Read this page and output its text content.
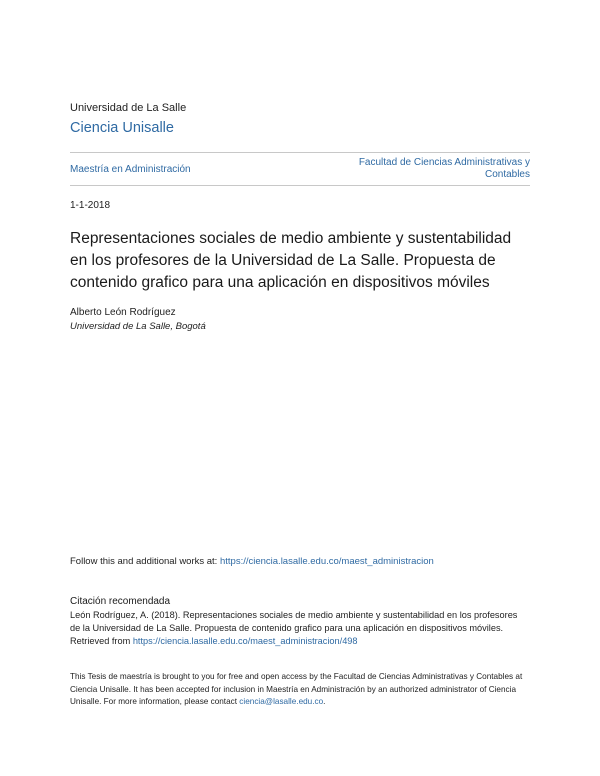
Universidad de La Salle
Ciencia Unisalle
Maestría en Administración
Facultad de Ciencias Administrativas y Contables
1-1-2018
Representaciones sociales de medio ambiente y sustentabilidad en los profesores de la Universidad de La Salle. Propuesta de contenido grafico para una aplicación en dispositivos móviles
Alberto León Rodríguez
Universidad de La Salle, Bogotá
Follow this and additional works at: https://ciencia.lasalle.edu.co/maest_administracion
Citación recomendada
León Rodríguez, A. (2018). Representaciones sociales de medio ambiente y sustentabilidad en los profesores de la Universidad de La Salle. Propuesta de contenido grafico para una aplicación en dispositivos móviles. Retrieved from https://ciencia.lasalle.edu.co/maest_administracion/498
This Tesis de maestría is brought to you for free and open access by the Facultad de Ciencias Administrativas y Contables at Ciencia Unisalle. It has been accepted for inclusion in Maestría en Administración by an authorized administrator of Ciencia Unisalle. For more information, please contact ciencia@lasalle.edu.co.
